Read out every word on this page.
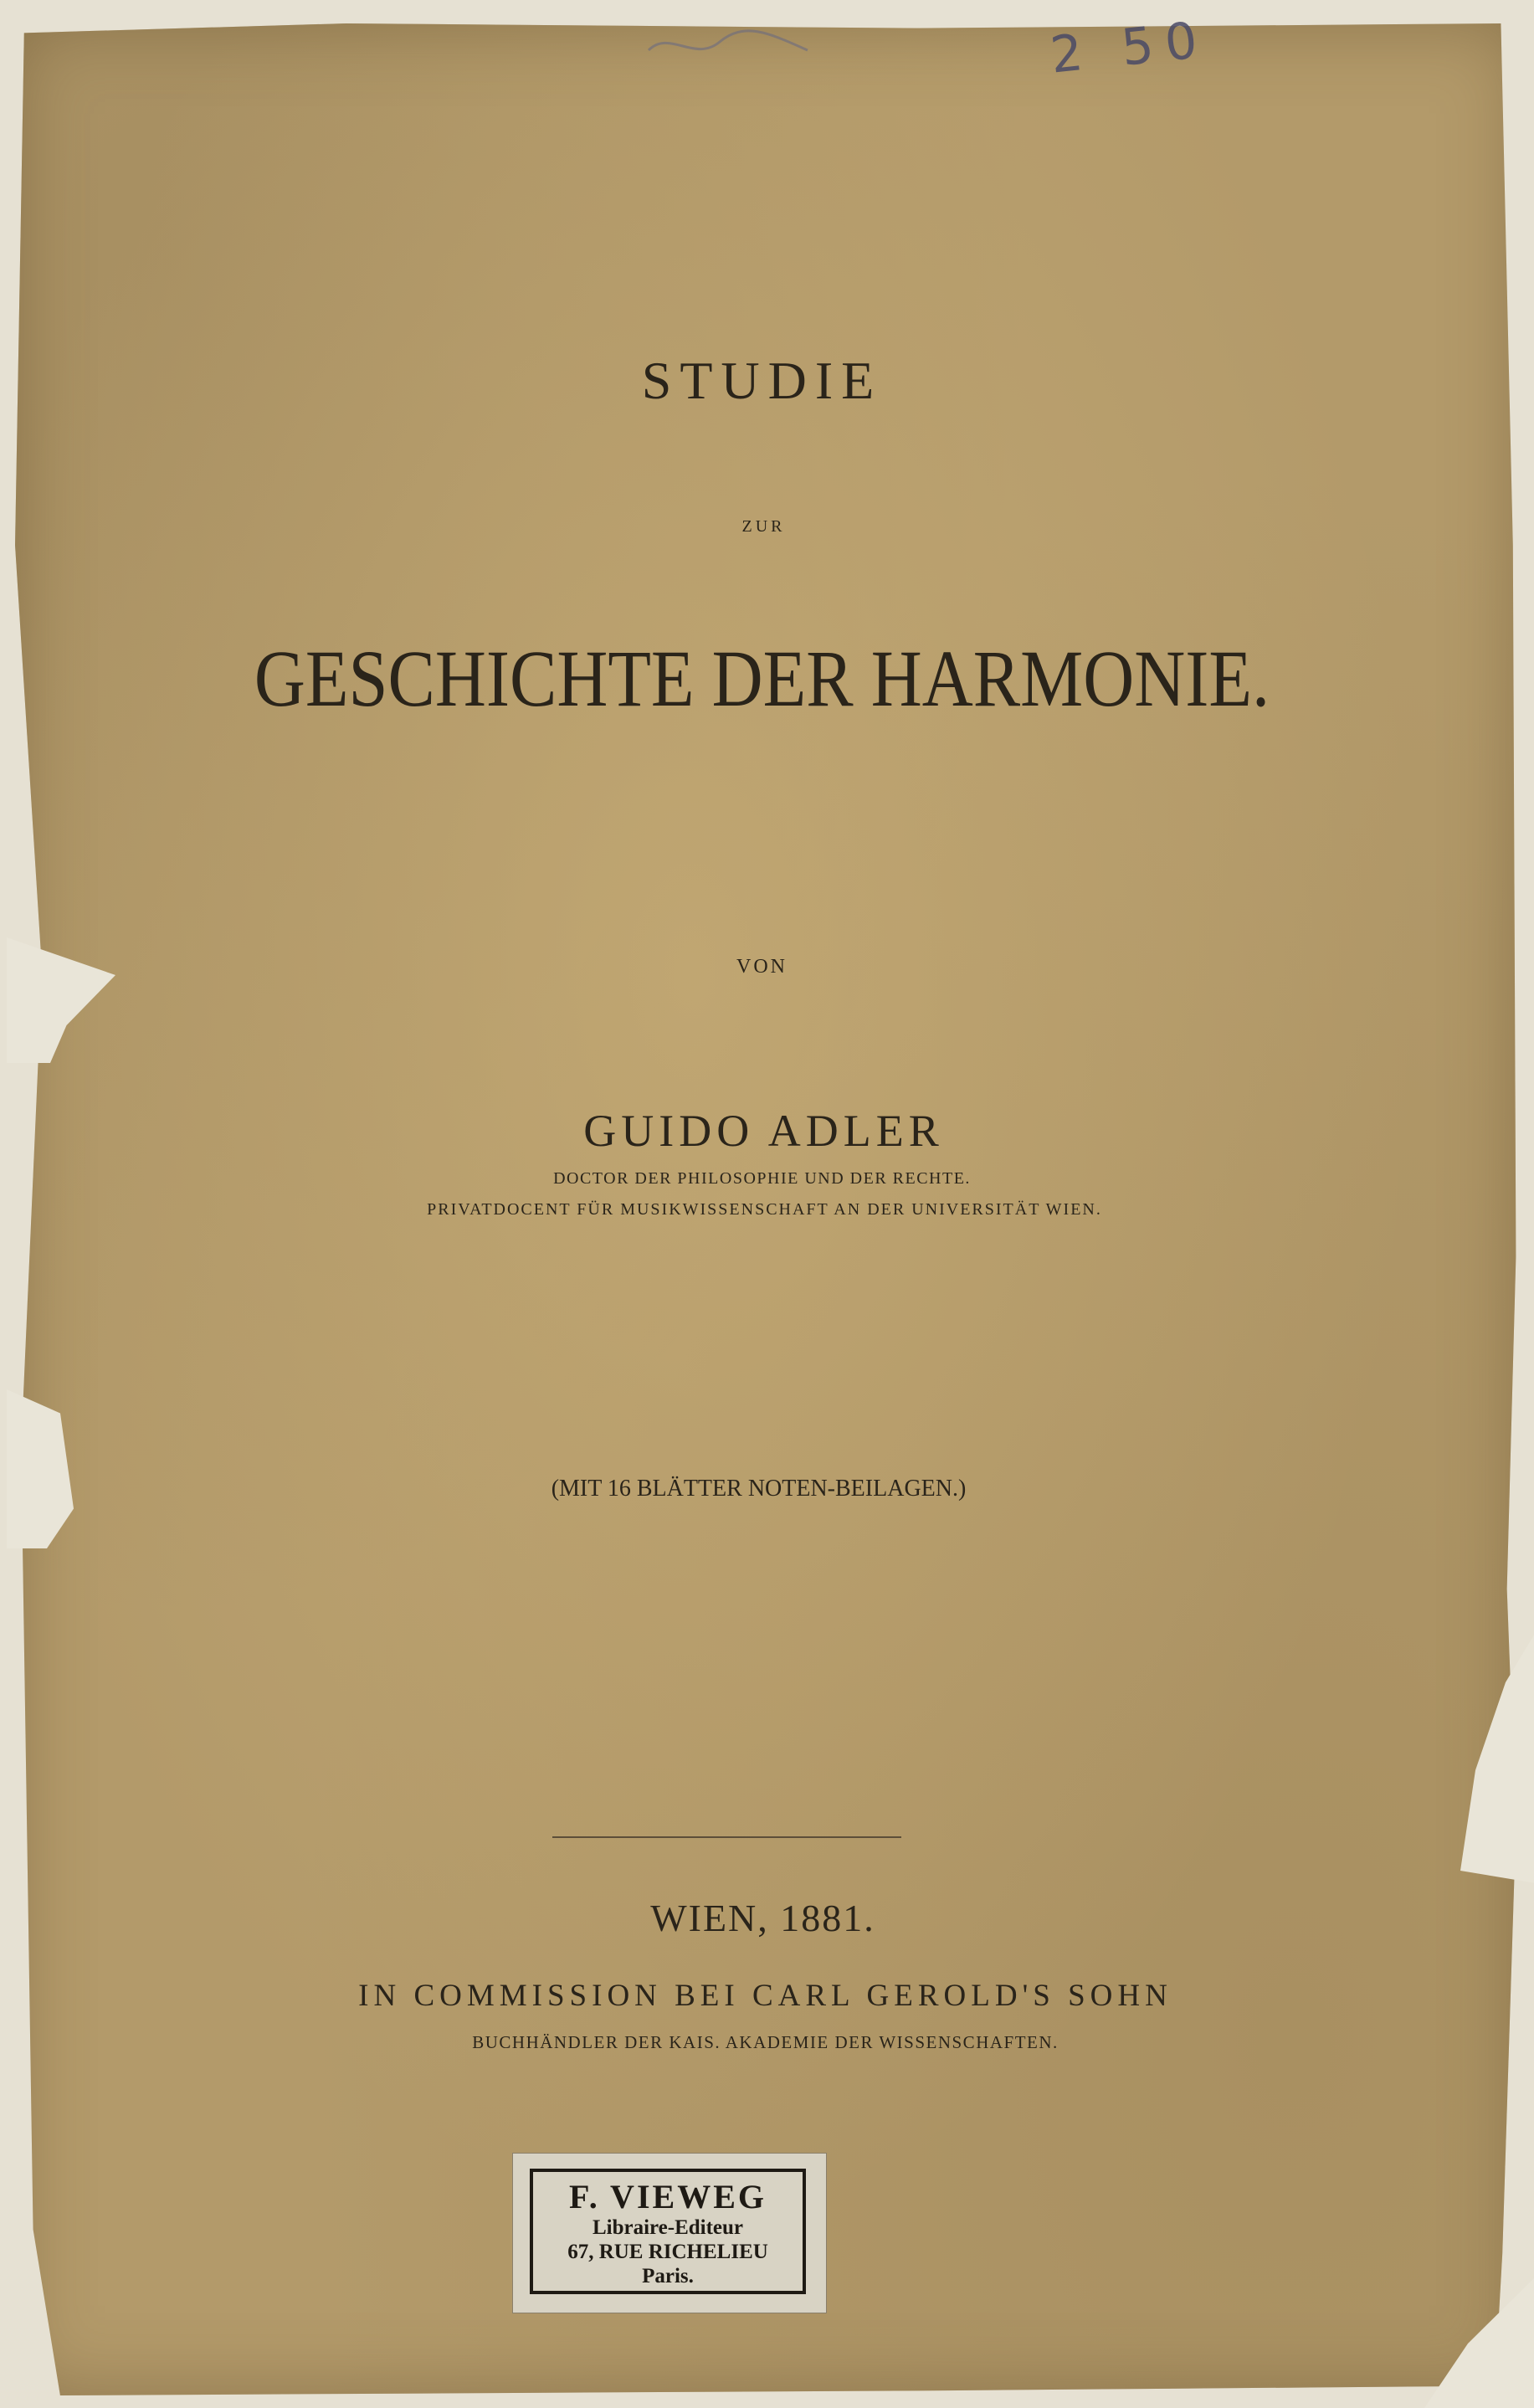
2 50
STUDIE
ZUR
GESCHICHTE DER HARMONIE.
VON
GUIDO ADLER
DOCTOR DER PHILOSOPHIE UND DER RECHTE.
PRIVATDOCENT FÜR MUSIKWISSENSCHAFT AN DER UNIVERSITÄT WIEN.
(MIT 16 BLÄTTER NOTEN-BEILAGEN.)
WIEN, 1881.
IN COMMISSION BEI CARL GEROLD'S SOHN
BUCHHÄNDLER DER KAIS. AKADEMIE DER WISSENSCHAFTEN.
F. VIEWEG
Libraire-Editeur
67, RUE RICHELIEU
Paris.
